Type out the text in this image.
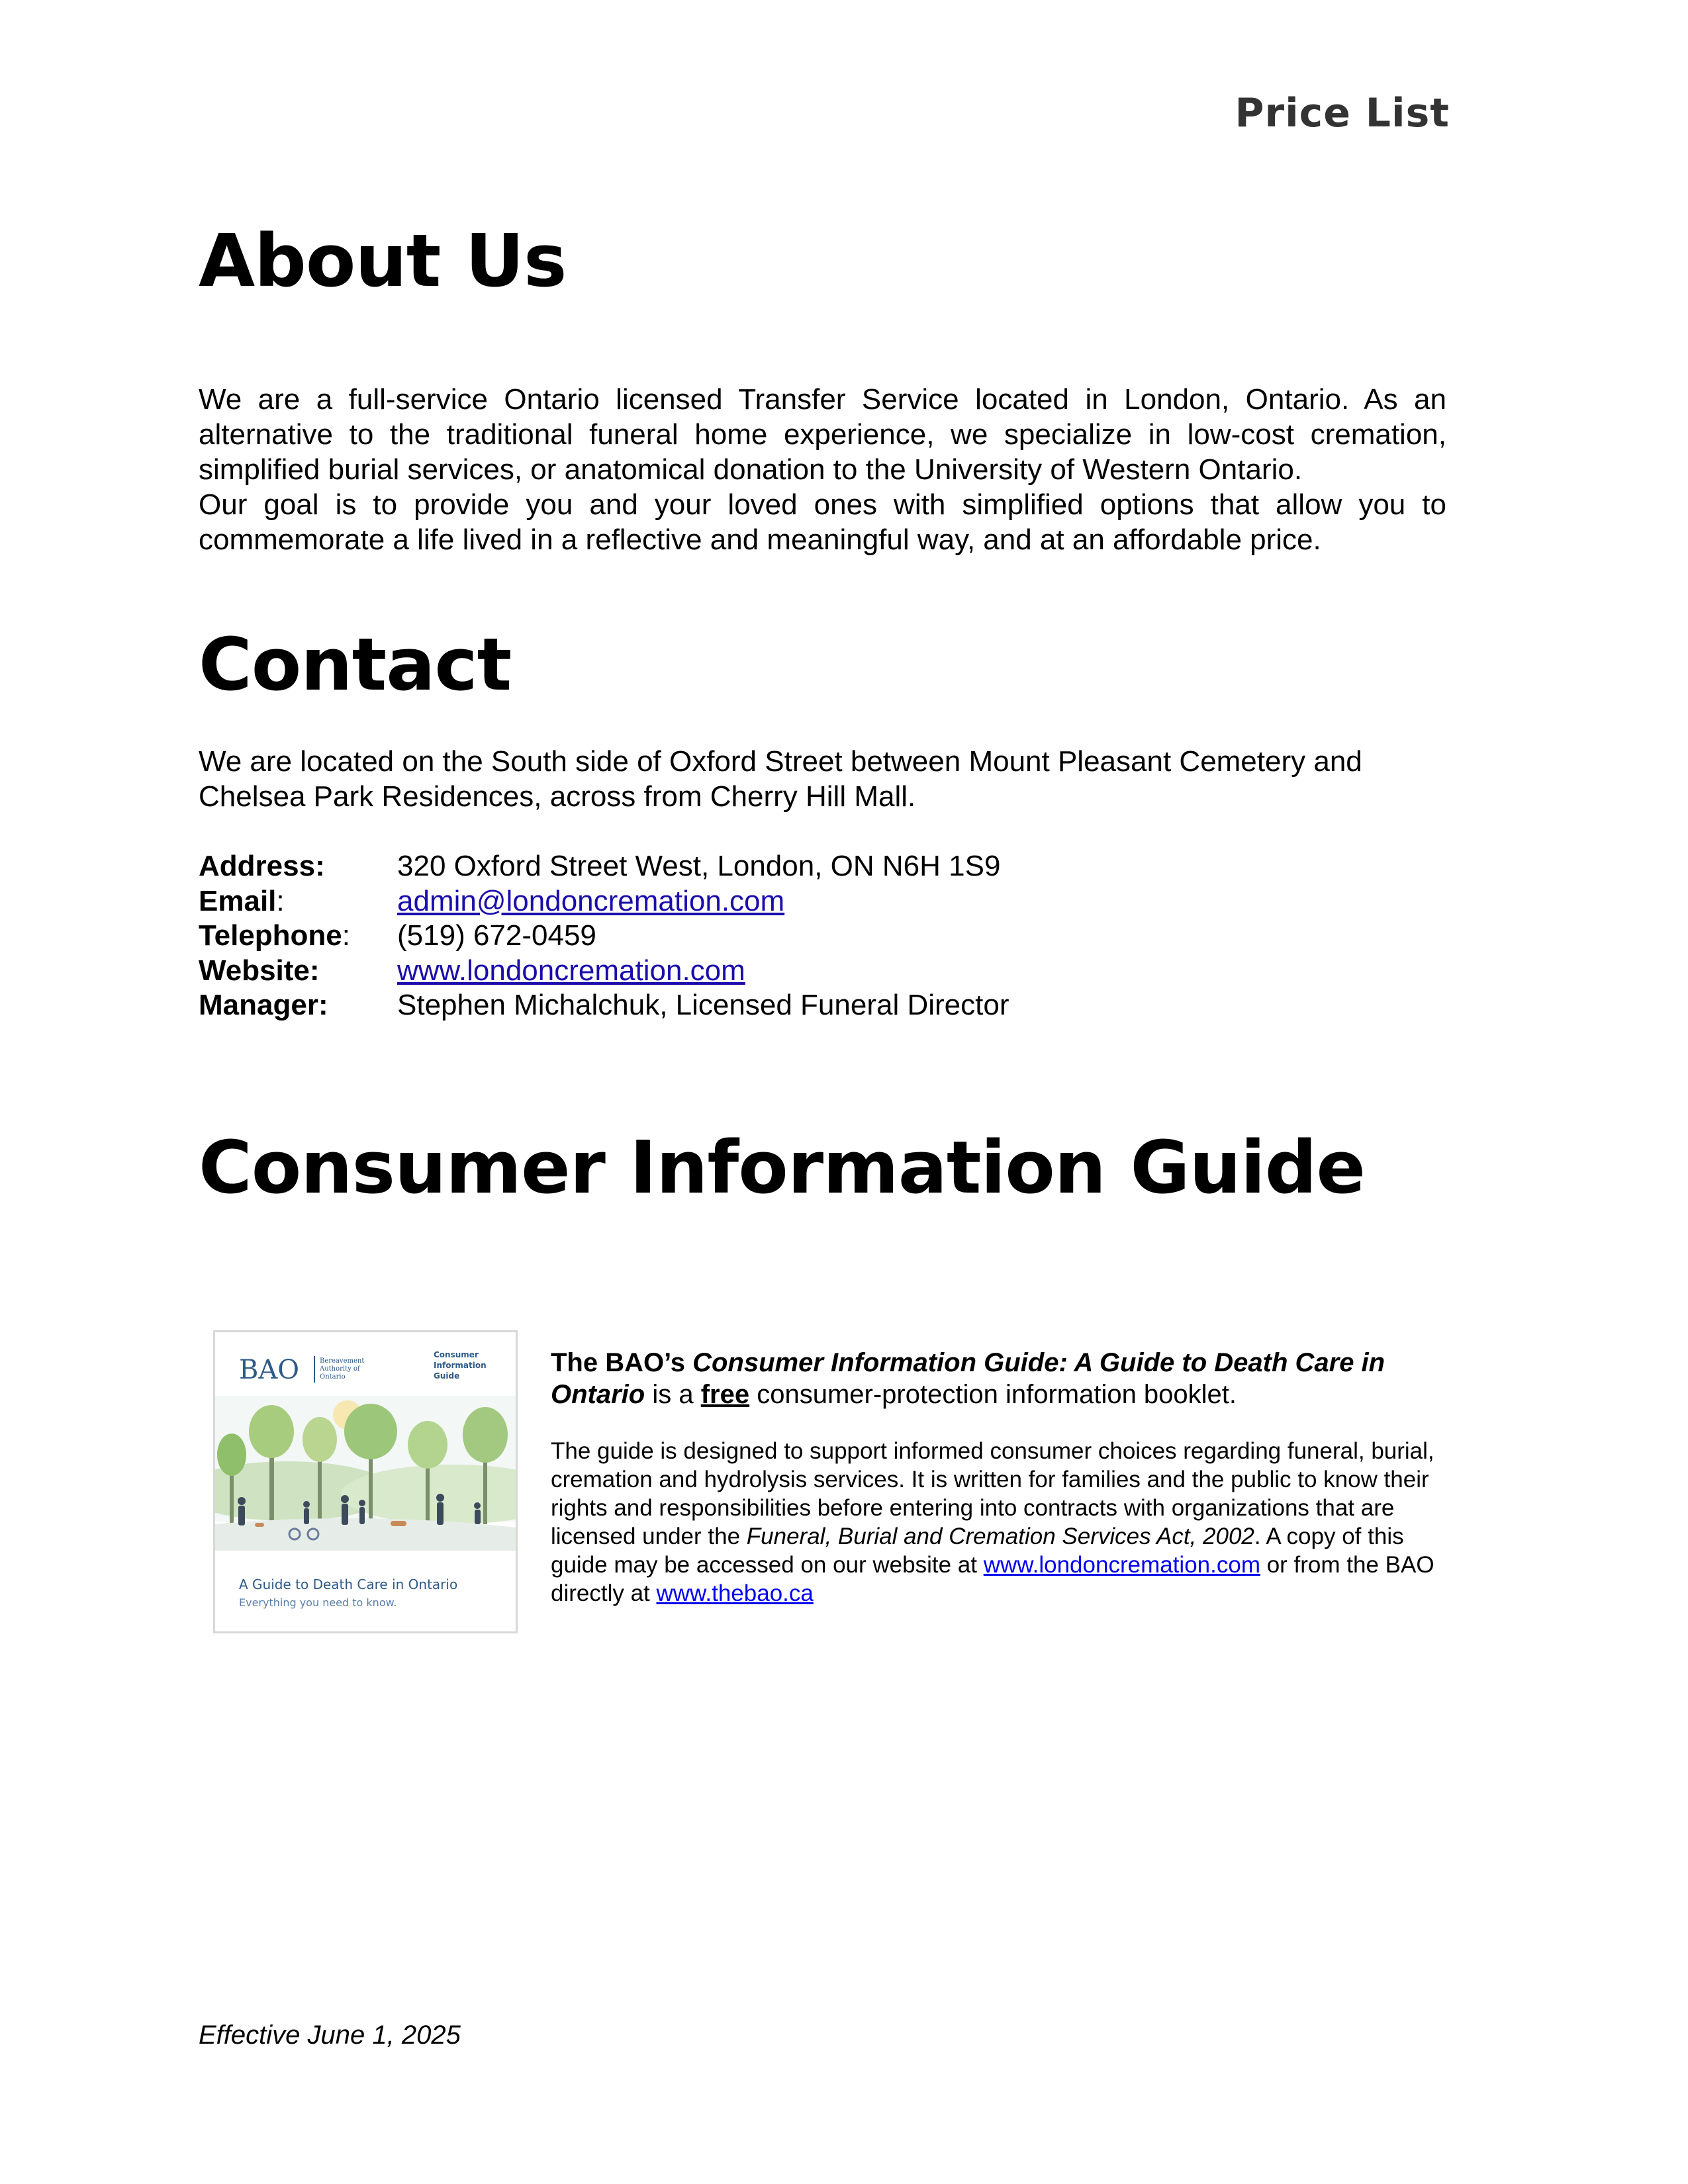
Price List
About Us

We are a full-service Ontario licensed Transfer Service located in London, Ontario. As an alternative to the traditional funeral home experience, we specialize in low-cost cremation, simplified burial services, or anatomical donation to the University of Western Ontario.

Our goal is to provide you and your loved ones with simplified options that allow you to commemorate a life lived in a reflective and meaningful way, and at an affordable price.

Contact

We are located on the South side of Oxford Street between Mount Pleasant Cemetery and Chelsea Park Residences, across from Cherry Hill Mall.

Address:	320 Oxford Street West, London, ON N6H 1S9
Email:	admin@londoncremation.com
Telephone:	(519) 672-0459
Website:	www.londoncremation.com
Manager:	Stephen Michalchuk, Licensed Funeral Director
Consumer Information Guide
BAO	Bereavement
Authority of
Ontario
Consumer
Information
Guide
A Guide to Death Care in Ontario
Everything you need to know.

The BAO’s Consumer Information Guide: A Guide to Death Care in Ontario is a free consumer-protection information booklet.

The guide is designed to support informed consumer choices regarding funeral, burial, cremation and hydrolysis services. It is written for families and the public to know their rights and responsibilities before entering into contracts with organizations that are licensed under the Funeral, Burial and Cremation Services Act, 2002. A copy of this guide may be accessed on our website at www.londoncremation.com or from the BAO directly at www.thebao.ca

Effective June 1, 2025
